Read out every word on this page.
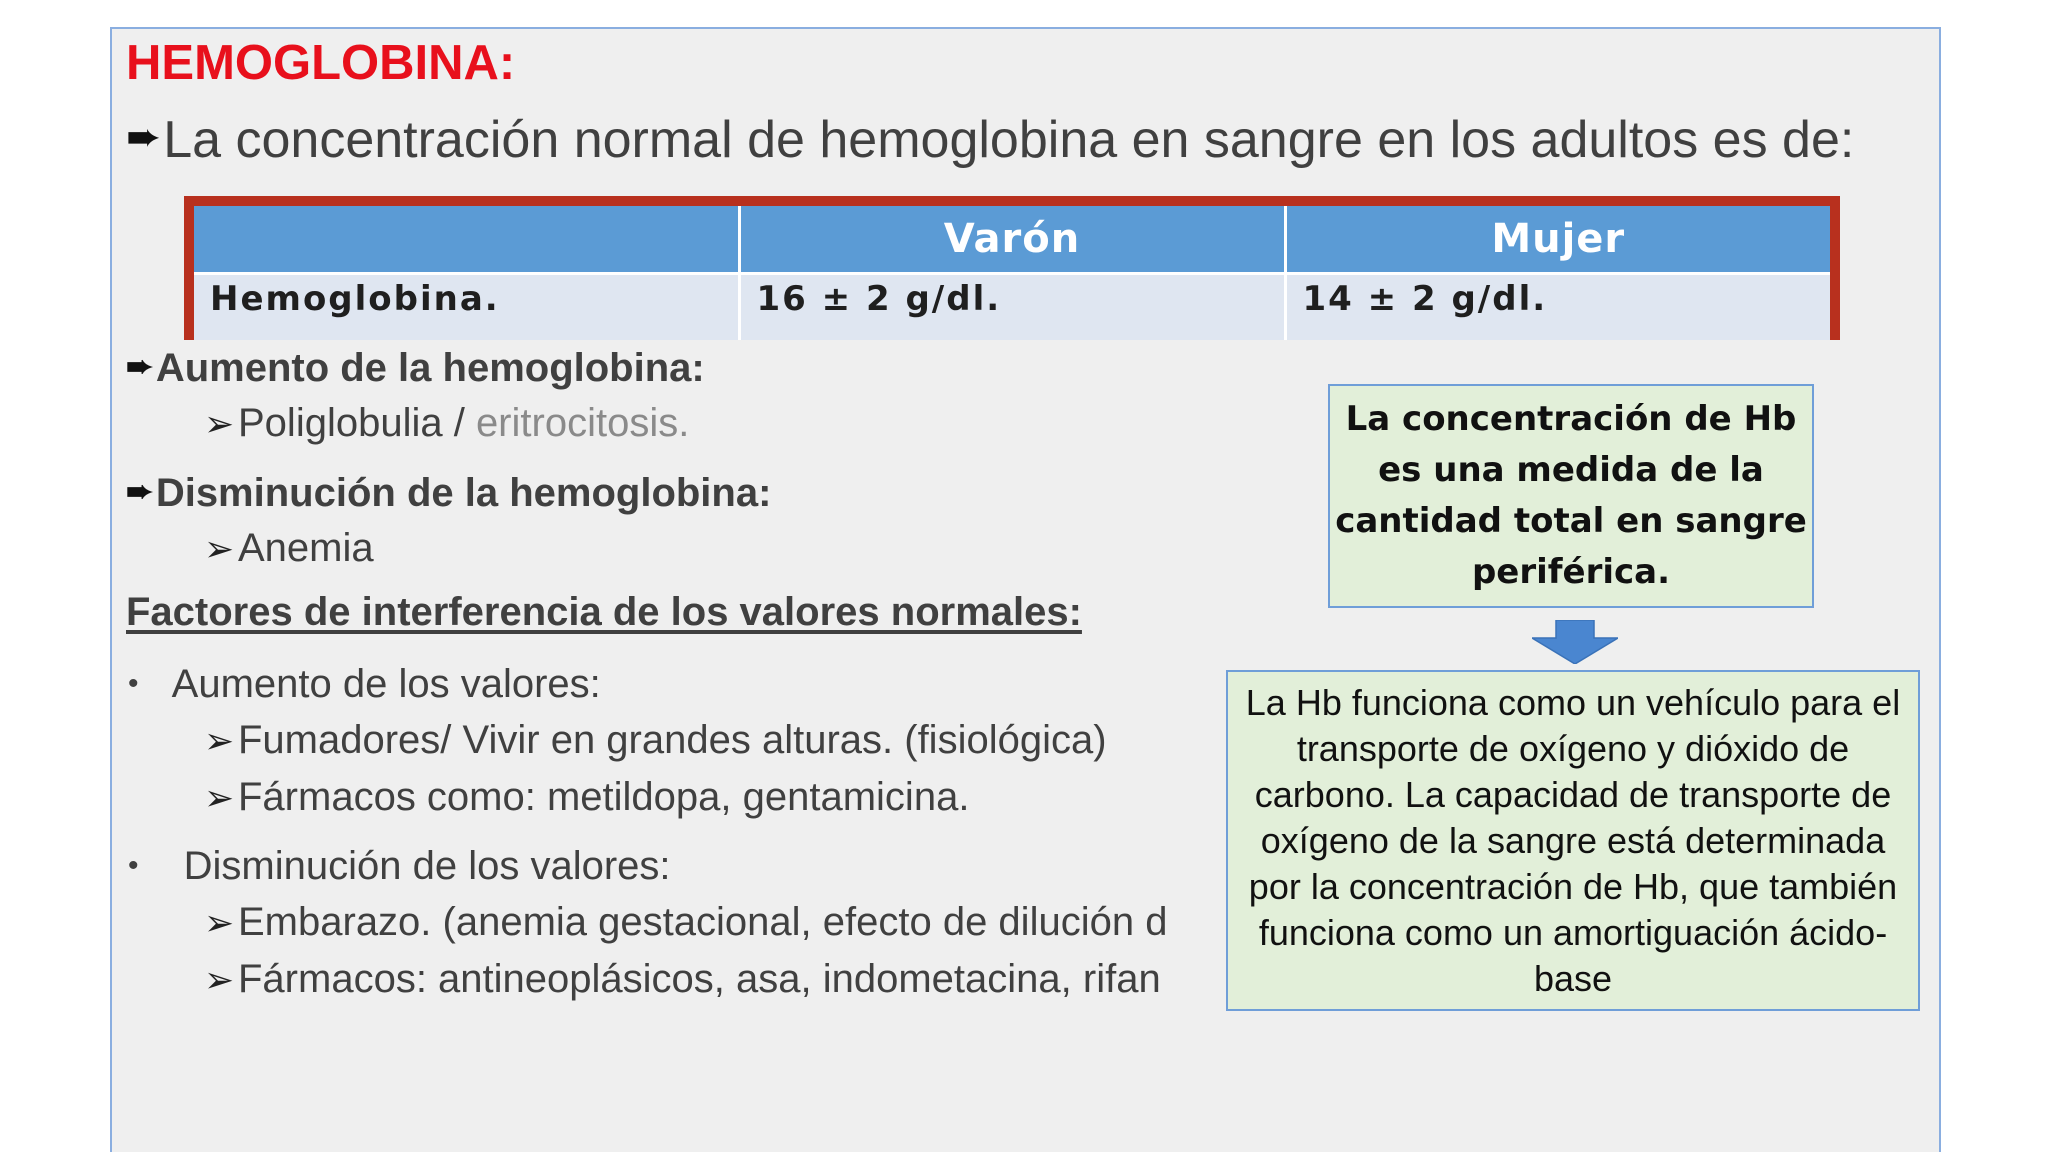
HEMOGLOBINA:
➨La concentración normal de hemoglobina en sangre en los adultos es de:
	Varón	Mujer
Hemoglobina.	16 ± 2 g/dl.	14 ± 2 g/dl.
➨Aumento de la hemoglobina:
➢Poliglobulia / eritrocitosis.
➨Disminución de la hemoglobina:
➢Anemia
Factores de interferencia de los valores normales:
• Aumento de los valores:
➢Fumadores/ Vivir en grandes alturas. (fisiológica)
➢Fármacos como: metildopa, gentamicina.
• Disminución de los valores:
➢Embarazo. (anemia gestacional, efecto de dilución d
➢Fármacos: antineoplásicos, asa, indometacina, rifan
La concentración de Hb es una medida de la cantidad total en sangre periférica.
La Hb funciona como un vehículo para el transporte de oxígeno y dióxido de carbono. La capacidad de transporte de oxígeno de la sangre está determinada por la concentración de Hb, que también funciona como un amortiguación ácido-base
